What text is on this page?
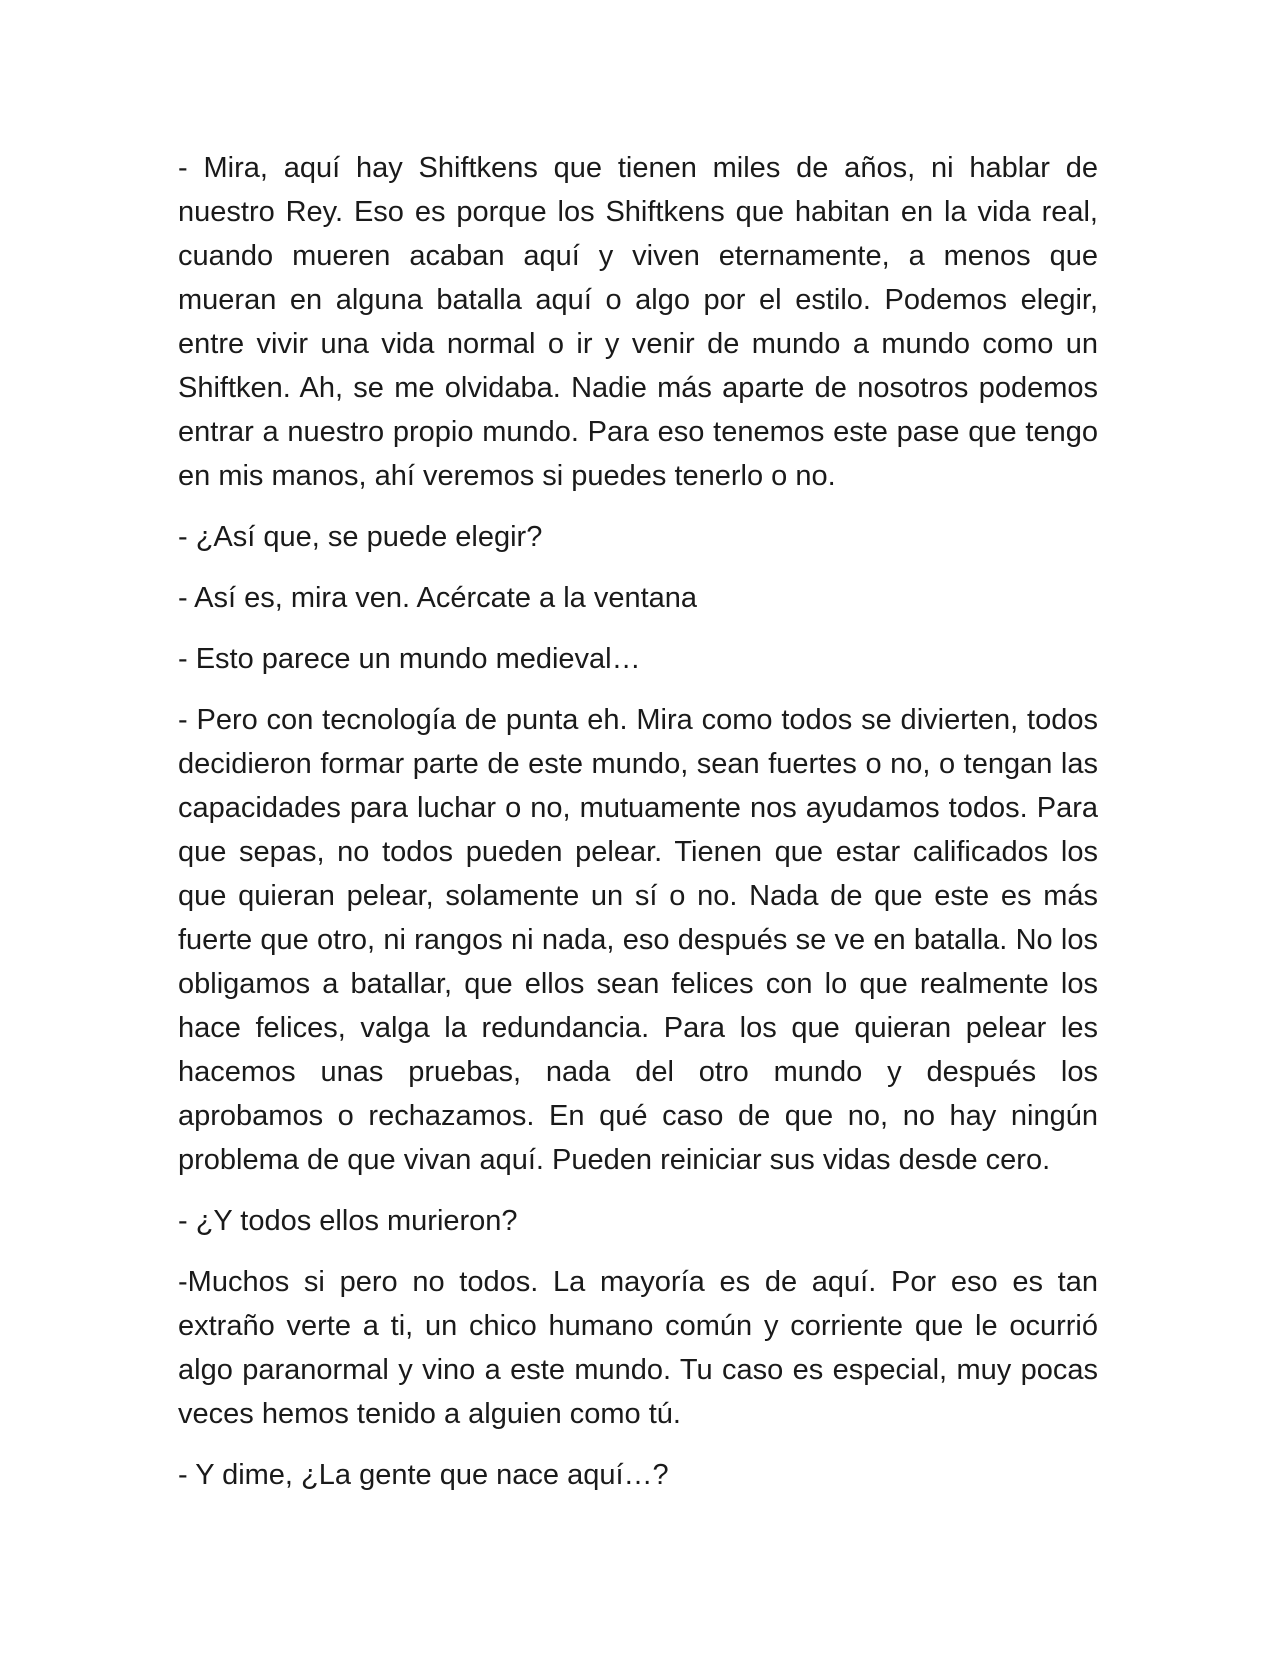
- Mira, aquí hay Shiftkens que tienen miles de años, ni hablar de nuestro Rey. Eso es porque los Shiftkens que habitan en la vida real, cuando mueren acaban aquí y viven eternamente, a menos que mueran en alguna batalla aquí o algo por el estilo. Podemos elegir, entre vivir una vida normal o ir y venir de mundo a mundo como un Shiftken. Ah, se me olvidaba. Nadie más aparte de nosotros podemos entrar a nuestro propio mundo. Para eso tenemos este pase que tengo en mis manos, ahí veremos si puedes tenerlo o no.

- ¿Así que, se puede elegir?

- Así es, mira ven. Acércate a la ventana

- Esto parece un mundo medieval…

- Pero con tecnología de punta eh. Mira como todos se divierten, todos decidieron formar parte de este mundo, sean fuertes o no, o tengan las capacidades para luchar o no, mutuamente nos ayudamos todos. Para que sepas, no todos pueden pelear. Tienen que estar calificados los que quieran pelear, solamente un sí o no. Nada de que este es más fuerte que otro, ni rangos ni nada, eso después se ve en batalla. No los obligamos a batallar, que ellos sean felices con lo que realmente los hace felices, valga la redundancia. Para los que quieran pelear les hacemos unas pruebas, nada del otro mundo y después los aprobamos o rechazamos. En qué caso de que no, no hay ningún problema de que vivan aquí. Pueden reiniciar sus vidas desde cero.

- ¿Y todos ellos murieron?

-Muchos si pero no todos. La mayoría es de aquí. Por eso es tan extraño verte a ti, un chico humano común y corriente que le ocurrió algo paranormal y vino a este mundo. Tu caso es especial, muy pocas veces hemos tenido a alguien como tú.

- Y dime, ¿La gente que nace aquí…?
